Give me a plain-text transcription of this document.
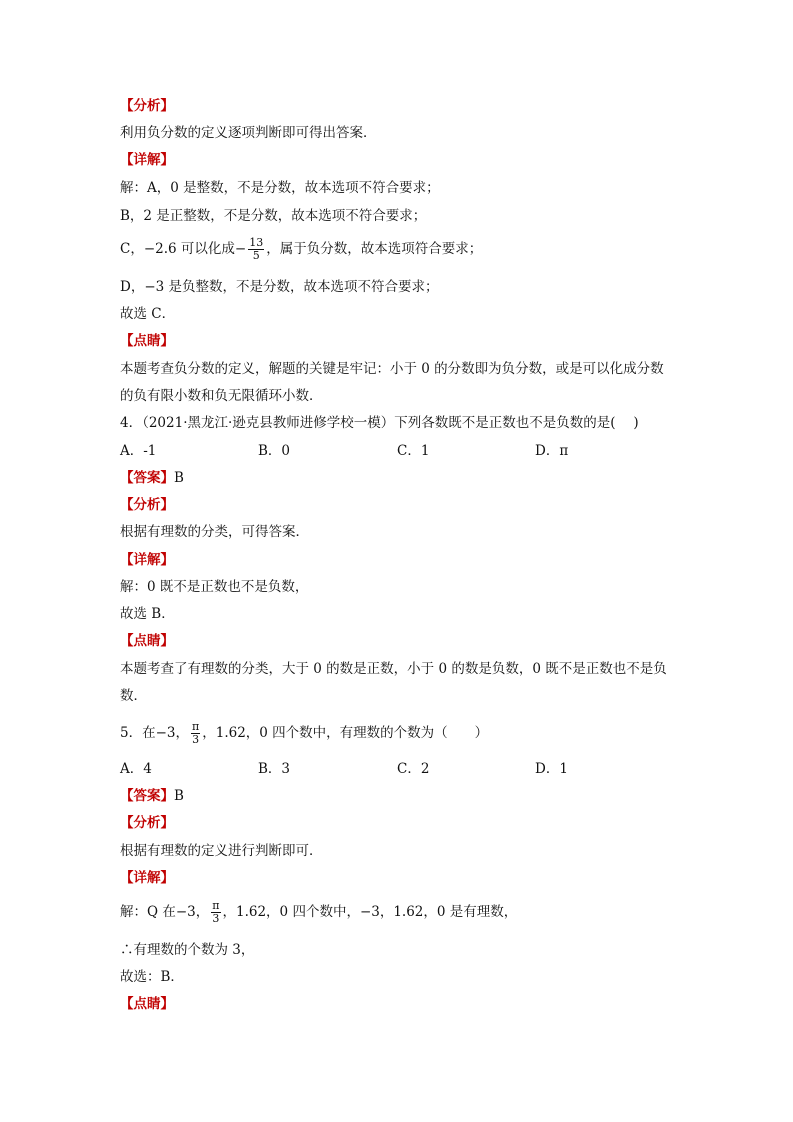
【分析】
利用负分数的定义逐项判断即可得出答案．
【详解】
解：A，0 是整数，不是分数，故本选项不符合要求；
B，2 是正整数，不是分数，故本选项不符合要求；
C，−2.6 可以化成− $\frac{13}{5}$ ，属于负分数，故本选项符合要求；
D，−3 是负整数，不是分数，故本选项不符合要求；
故选 C．
【点睛】
本题考查负分数的定义，解题的关键是牢记：小于 0 的分数即为负分数，或是可以化成分数
的负有限小数和负无限循环小数．
4．（2021·黑龙江·逊克县教师进修学校一模）下列各数既不是正数也不是负数的是(　 )
A．-1	B．0	C．1	D．π
【答案】B
【分析】
根据有理数的分类，可得答案．
【详解】
解：0 既不是正数也不是负数，
故选 B．
【点睛】
本题考查了有理数的分类，大于 0 的数是正数，小于 0 的数是负数，0 既不是正数也不是负
数．
5．在−3， $\frac{\pi}{3}$ ，1.62，0 四个数中，有理数的个数为（　　）
A．4	B．3	C．2	D．1
【答案】B
【分析】
根据有理数的定义进行判断即可．
【详解】
解：Q 在−3， $\frac{\pi}{3}$ ，1.62，0 四个数中，−3，1.62，0 是有理数，
∴有理数的个数为 3，
故选：B．
【点睛】
